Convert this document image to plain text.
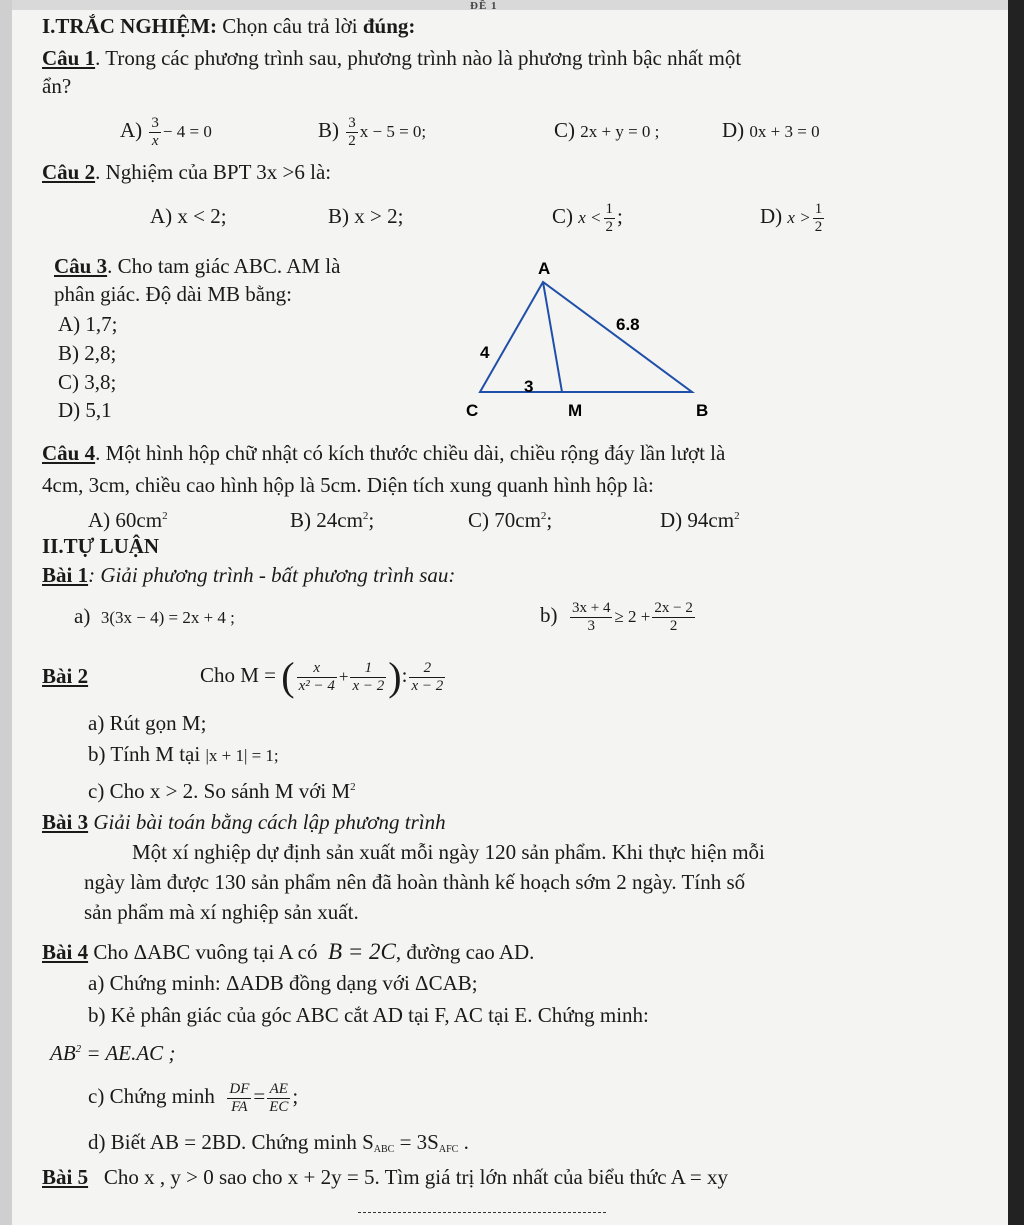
ĐỀ 1
I.TRẮC NGHIỆM: Chọn câu trả lời đúng:
Câu 1. Trong các phương trình sau, phương trình nào là phương trình bậc nhất một
ẩn?
$A) \frac{3}{x} - 4 = 0$	$B) \frac{3}{2}$ x − 5 = 0;	C) 2x + y = 0 ;	D) 0x + 3 = 0
Câu 2. Nghiệm của BPT 3x >6 là:
A) x < 2;	B) x > 2;	C) $x < \frac{1}{2}$ ;	D) $x > \frac{1}{2}$
Câu 3. Cho tam giác ABC. AM là
phân giác. Độ dài MB bằng:
A) 1,7;
B) 2,8;
C) 3,8;
D) 5,1
A
B
C	M
4
6.8
3
Câu 4. Một hình hộp chữ nhật có kích thước chiều dài, chiều rộng đáy lần lượt là
4cm, 3cm, chiều cao hình hộp là 5cm. Diện tích xung quanh hình hộp là:
A) $60cm^2$	B) $24cm^2$;	C) $70cm^2$;	D) $94cm^2$
II.TỰ LUẬN
Bài 1: Giải phương trình - bất phương trình sau:
a) 3(3x − 4) = 2x + 4 ;	$b) \frac{3x + 4}{3} \ge 2 + \frac{2x - 2}{2}$
Bài 2	Cho M = ( $\frac{x}{\text{x² − 4}} + \frac{1}{x - 2}$ ): $\frac{2}{x - 2}$
a) Rút gọn M;
b) Tính M tại |x + 1| = 1;
c) Cho x > 2. So sánh M với $M^2$
Bài 3 Giải bài toán bằng cách lập phương trình
Một xí nghiệp dự định sản xuất mỗi ngày 120 sản phẩm. Khi thực hiện mỗi
ngày làm được 130 sản phẩm nên đã hoàn thành kế hoạch sớm 2 ngày. Tính số
sản phẩm mà xí nghiệp sản xuất.
Bài 4 Cho ΔABC vuông tại A có B = 2C, đường cao AD.
a) Chứng minh: ΔADB đồng dạng với ΔCAB;
b) Kẻ phân giác của góc ABC cắt AD tại F, AC tại E. Chứng minh:
$AB^2 = AE.AC$ ;
c) Chứng minh $\frac{DF}{FA} = \frac{AE}{EC}$ ;
d) Biết AB = 2BD. Chứng minh $S_{ABC} = 3S_{AFC}$ .
Bài 5 Cho x , y > 0 sao cho x + 2y = 5. Tìm giá trị lớn nhất của biểu thức A = xy
